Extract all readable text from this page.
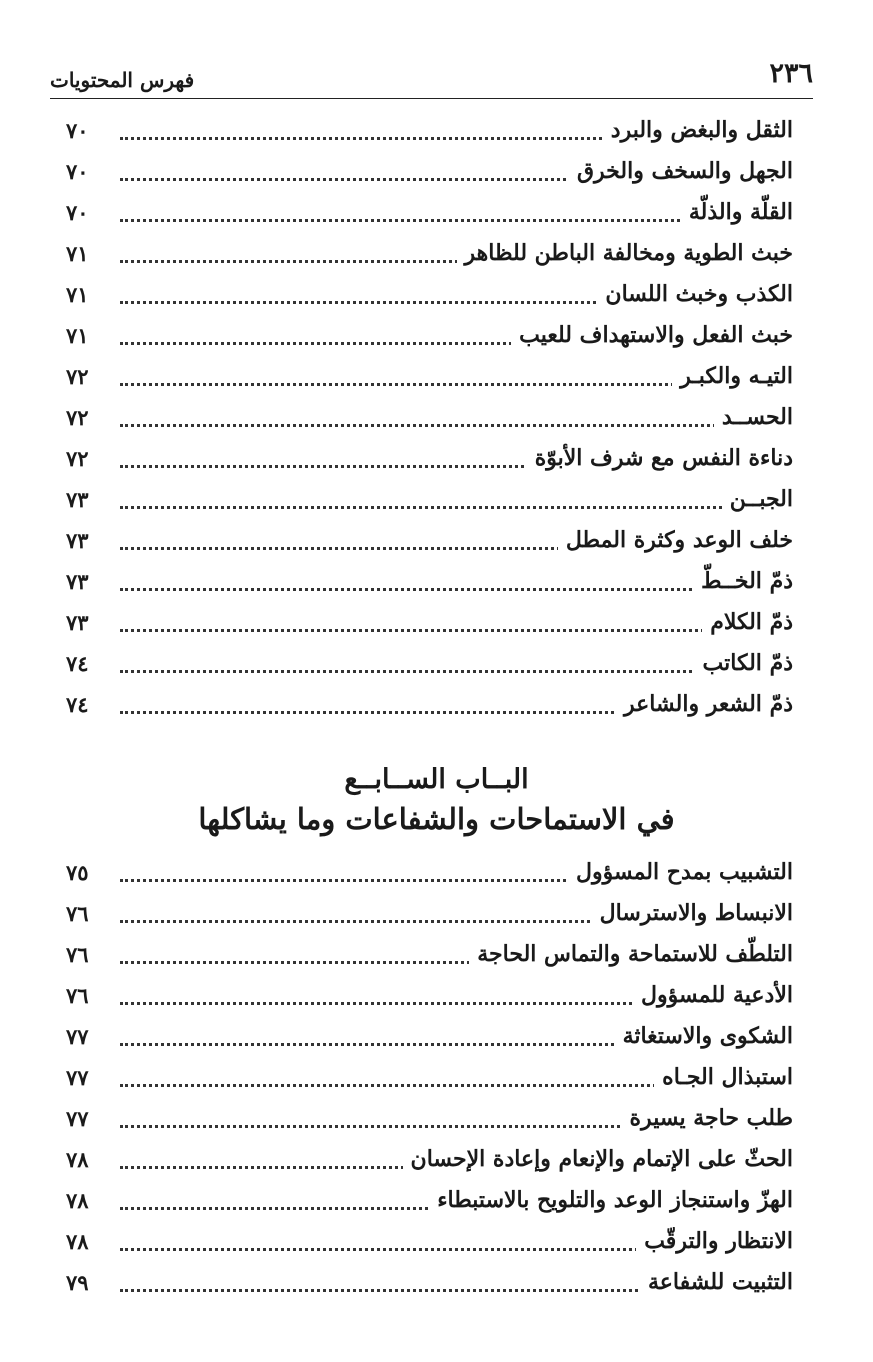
٢٣٦
فهرس المحتويات
الثقل والبغض والبرد
٧٠
الجهل والسخف والخرق
٧٠
القلّة والذلّة
٧٠
خبث الطوية ومخالفة الباطن للظاهر
٧١
الكذب وخبث اللسان
٧١
خبث الفعل والاستهداف للعيب
٧١
التيـه والكبـر
٧٢
الحســد
٧٢
دناءة النفس مع شرف الأبوّة
٧٢
الجبــن
٧٣
خلف الوعد وكثرة المطل
٧٣
ذمّ الخــطّ
٧٣
ذمّ الكلام
٧٣
ذمّ الكاتب
٧٤
ذمّ الشعر والشاعر
٧٤
البــاب الســابــع
في الاستماحات والشفاعات وما يشاكلها
التشبيب بمدح المسؤول
٧٥
الانبساط والاسترسال
٧٦
التلطّف للاستماحة والتماس الحاجة
٧٦
الأدعية للمسؤول
٧٦
الشكوى والاستغاثة
٧٧
استبذال الجـاه
٧٧
طلب حاجة يسيرة
٧٧
الحثّ على الإتمام والإنعام وإعادة الإحسان
٧٨
الهزّ واستنجاز الوعد والتلويح بالاستبطاء
٧٨
الانتظار والترقّب
٧٨
التثبيت للشفاعة
٧٩
